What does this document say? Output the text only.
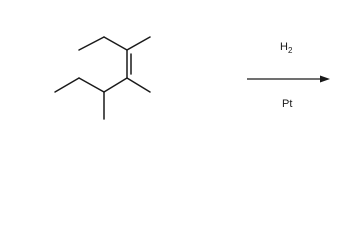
$H_2$
Pt
